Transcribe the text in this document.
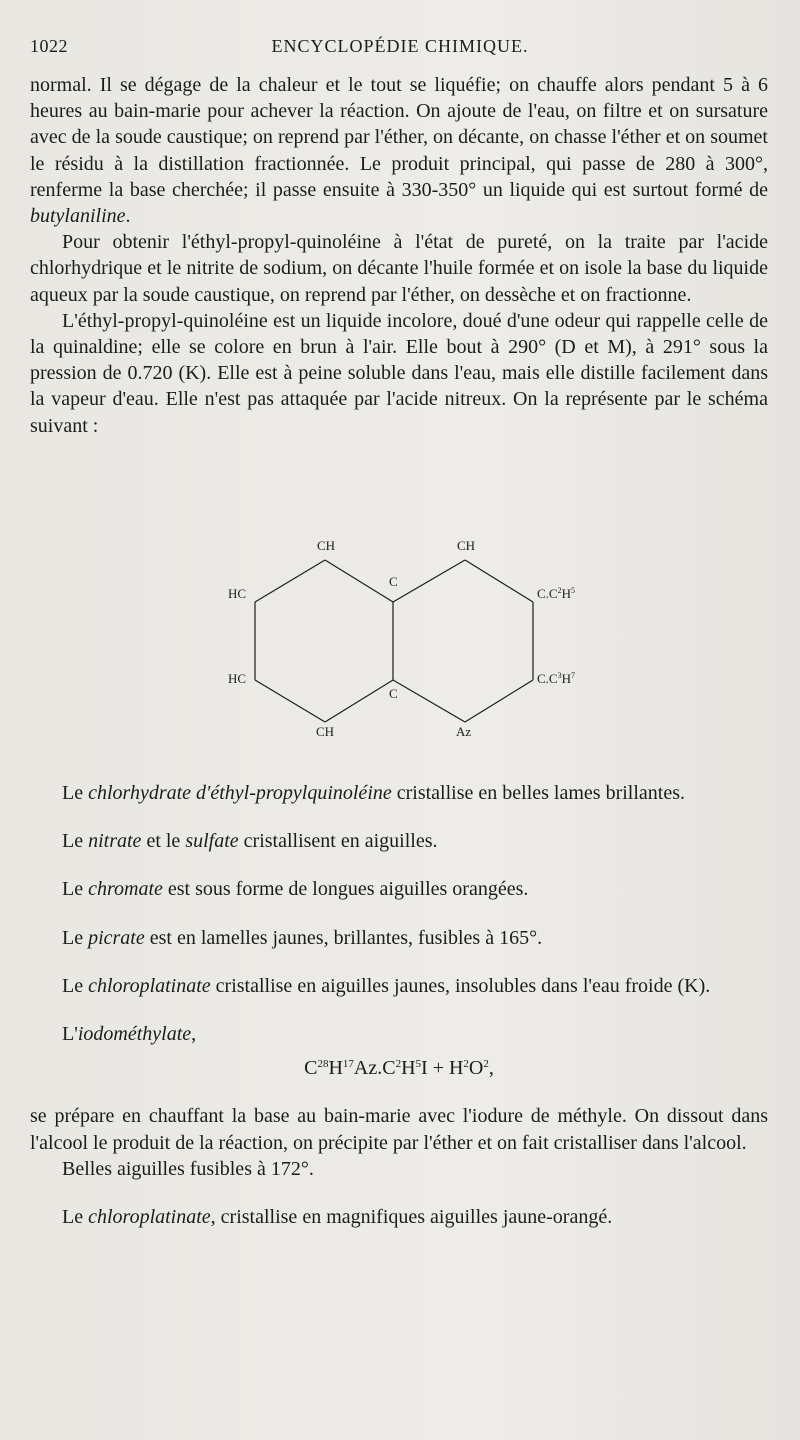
1022	ENCYCLOPÉDIE CHIMIQUE.

normal. Il se dégage de la chaleur et le tout se liquéfie; on chauffe alors pendant 5 à 6 heures au bain-marie pour achever la réaction. On ajoute de l'eau, on filtre et on sursature avec de la soude caustique; on reprend par l'éther, on décante, on chasse l'éther et on soumet le résidu à la distillation fractionnée. Le produit principal, qui passe de 280 à 300°, renferme la base cherchée; il passe ensuite à 330-350° un liquide qui est surtout formé de butylaniline.

Pour obtenir l'éthyl-propyl-quinoléine à l'état de pureté, on la traite par l'acide chlorhydrique et le nitrite de sodium, on décante l'huile formée et on isole la base du liquide aqueux par la soude caustique, on reprend par l'éther, on dessèche et on fractionne.

L'éthyl-propyl-quinoléine est un liquide incolore, doué d'une odeur qui rappelle celle de la quinaldine; elle se colore en brun à l'air. Elle bout à 290° (D et M), à 291° sous la pression de 0.720 (K). Elle est à peine soluble dans l'eau, mais elle distille facilement dans la vapeur d'eau. Elle n'est pas attaquée par l'acide nitreux. On la représente par le schéma suivant :

CH	CH
C
HC	$C.C^2H^5$
HC	$C.C^3H^7$
C
CH	Az

Le chlorhydrate d'éthyl-propylquinoléine cristallise en belles lames brillantes.

Le nitrate et le sulfate cristallisent en aiguilles.

Le chromate est sous forme de longues aiguilles orangées.

Le picrate est en lamelles jaunes, brillantes, fusibles à 165°.

Le chloroplatinate cristallise en aiguilles jaunes, insolubles dans l'eau froide (K).

L'iodométhylate,

$C^{28}H^{17}Az.C^2H^5I + H^2O^2$,

se prépare en chauffant la base au bain-marie avec l'iodure de méthyle. On dissout dans l'alcool le produit de la réaction, on précipite par l'éther et on fait cristalliser dans l'alcool.

Belles aiguilles fusibles à 172°.

Le chloroplatinate, cristallise en magnifiques aiguilles jaune-orangé.
